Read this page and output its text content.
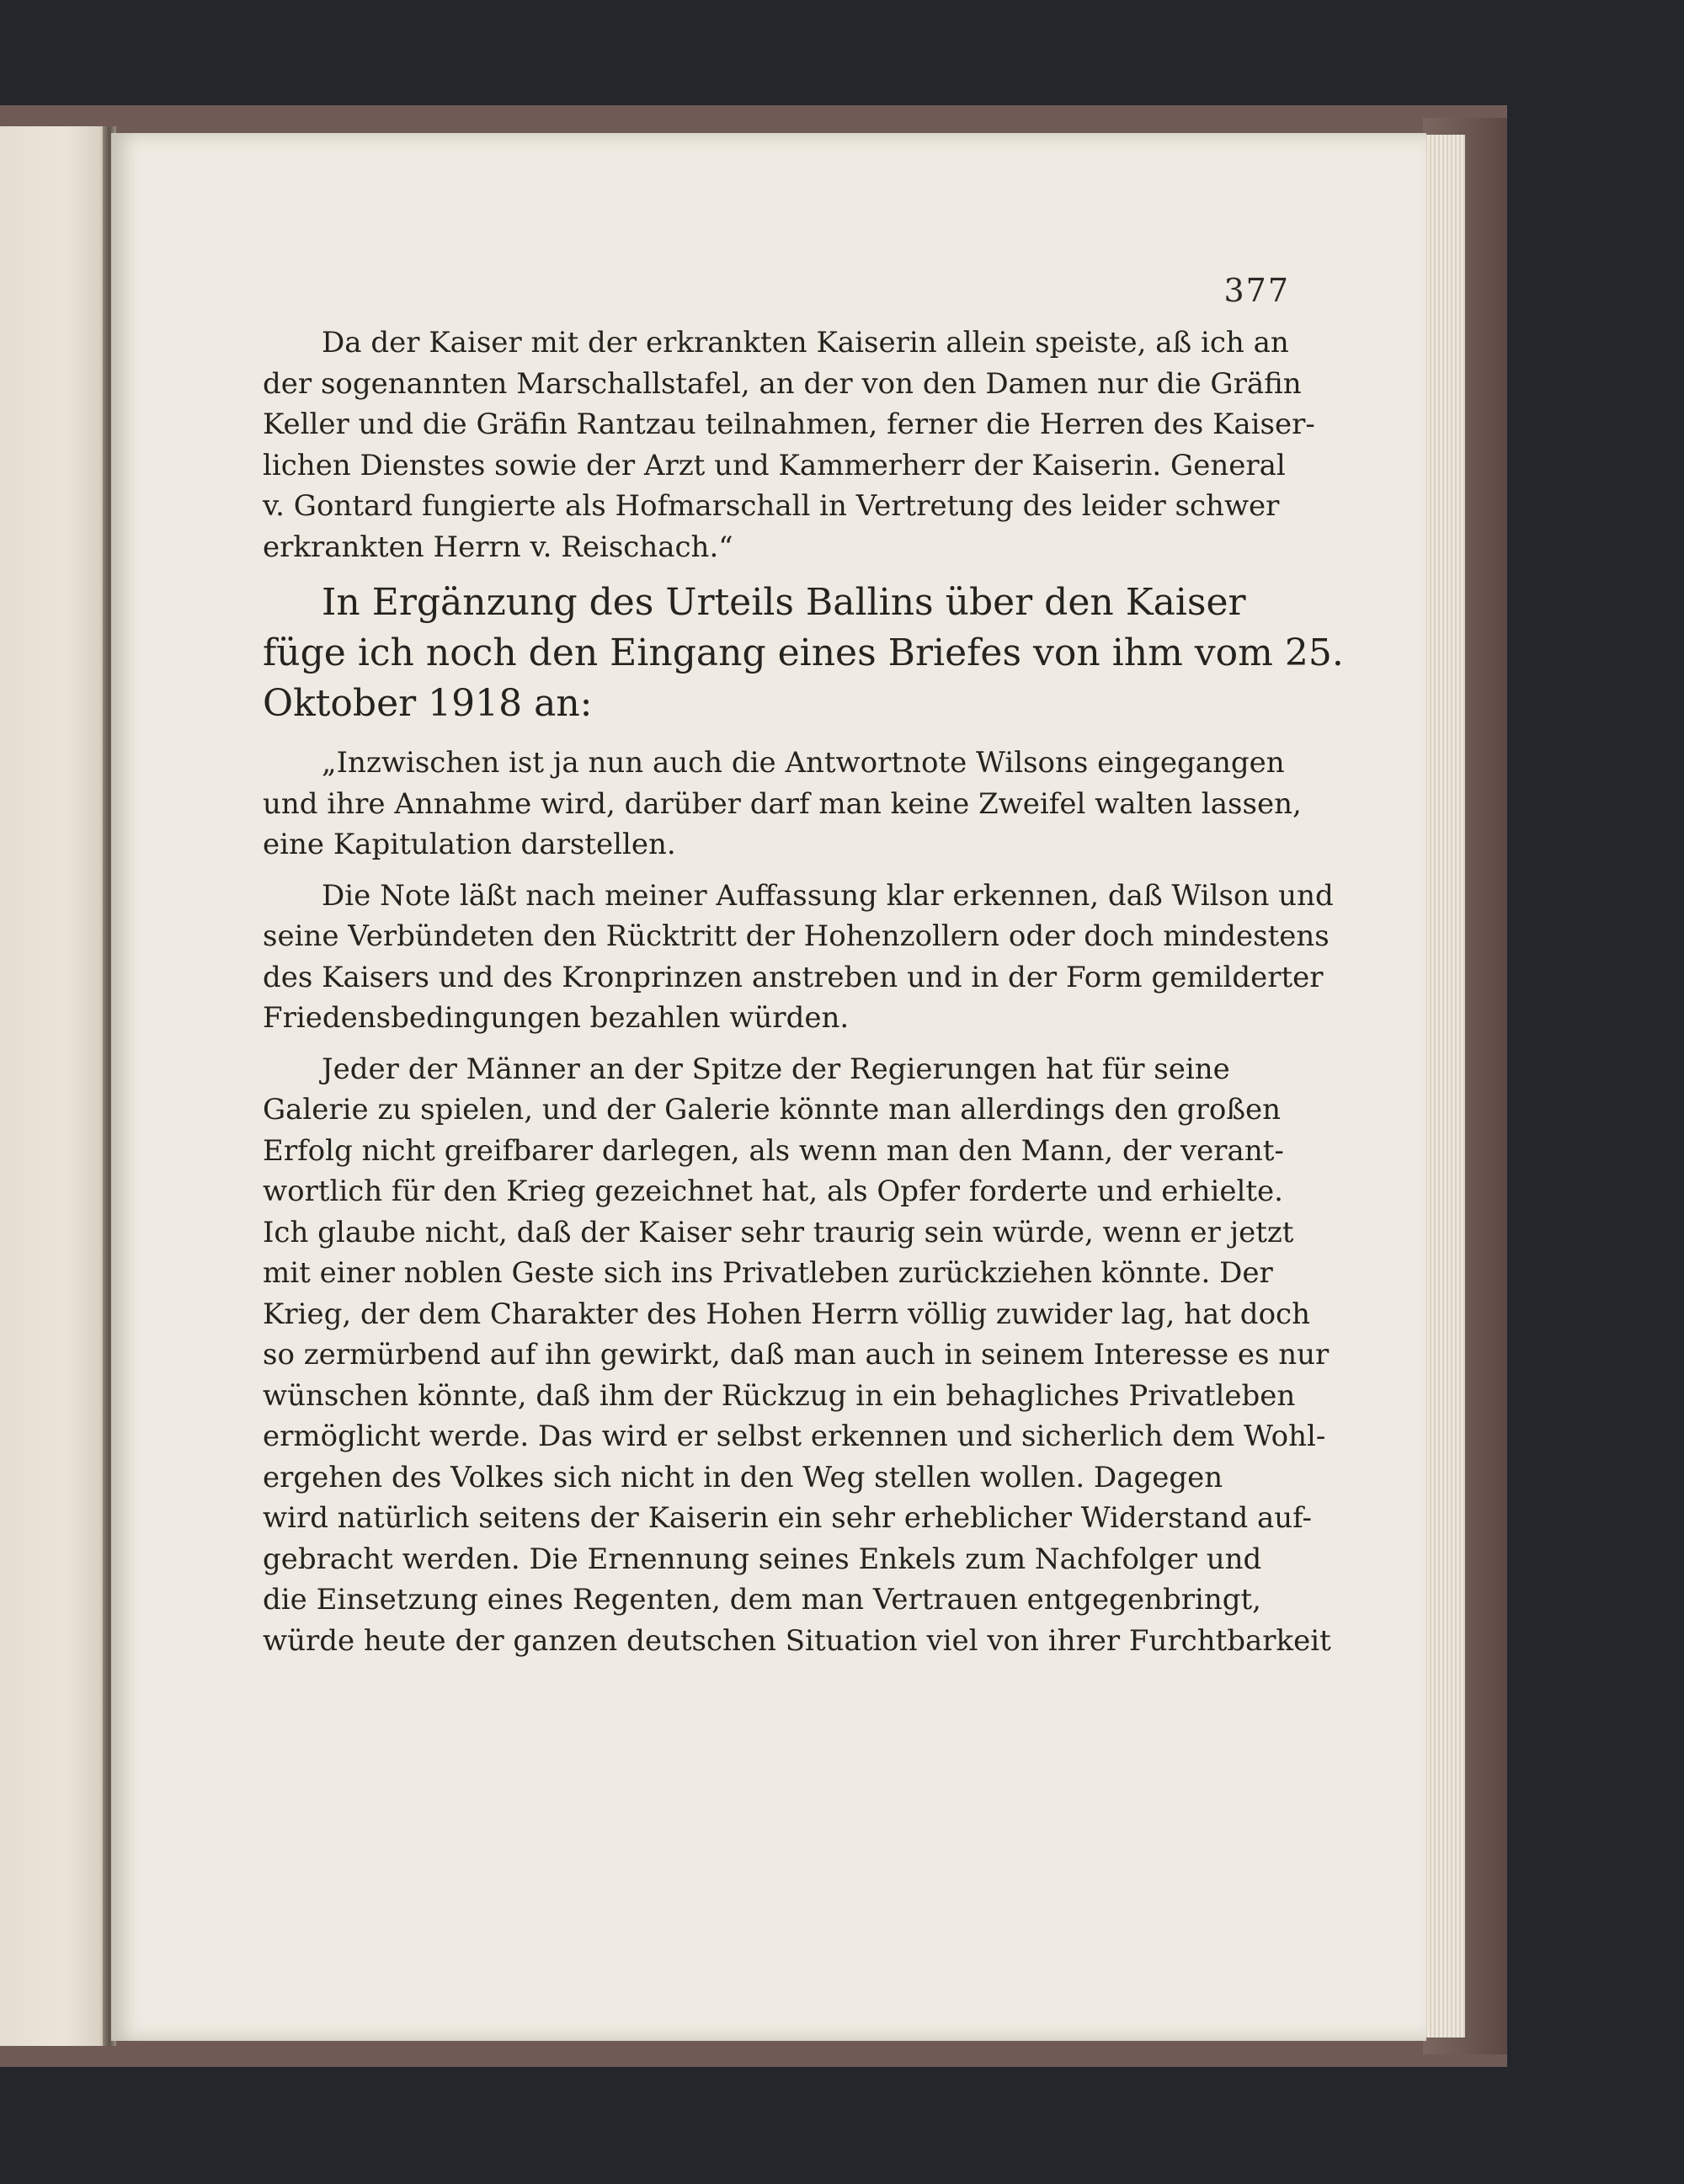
377
Da der Kaiser mit der erkrankten Kaiserin allein speiste, aß ich an
der sogenannten Marschallstafel, an der von den Damen nur die Gräfin
Keller und die Gräfin Rantzau teilnahmen, ferner die Herren des Kaiser-
lichen Dienstes sowie der Arzt und Kammerherr der Kaiserin. General
v. Gontard fungierte als Hofmarschall in Vertretung des leider schwer
erkrankten Herrn v. Reischach.“
In Ergänzung des Urteils Ballins über den Kaiser
füge ich noch den Eingang eines Briefes von ihm vom 25.
Oktober 1918 an:
„Inzwischen ist ja nun auch die Antwortnote Wilsons eingegangen
und ihre Annahme wird, darüber darf man keine Zweifel walten lassen,
eine Kapitulation darstellen.
Die Note läßt nach meiner Auffassung klar erkennen, daß Wilson und
seine Verbündeten den Rücktritt der Hohenzollern oder doch mindestens
des Kaisers und des Kronprinzen anstreben und in der Form gemilderter
Friedensbedingungen bezahlen würden.
Jeder der Männer an der Spitze der Regierungen hat für seine
Galerie zu spielen, und der Galerie könnte man allerdings den großen
Erfolg nicht greifbarer darlegen, als wenn man den Mann, der verant-
wortlich für den Krieg gezeichnet hat, als Opfer forderte und erhielte.
Ich glaube nicht, daß der Kaiser sehr traurig sein würde, wenn er jetzt
mit einer noblen Geste sich ins Privatleben zurückziehen könnte. Der
Krieg, der dem Charakter des Hohen Herrn völlig zuwider lag, hat doch
so zermürbend auf ihn gewirkt, daß man auch in seinem Interesse es nur
wünschen könnte, daß ihm der Rückzug in ein behagliches Privatleben
ermöglicht werde. Das wird er selbst erkennen und sicherlich dem Wohl-
ergehen des Volkes sich nicht in den Weg stellen wollen. Dagegen
wird natürlich seitens der Kaiserin ein sehr erheblicher Widerstand auf-
gebracht werden. Die Ernennung seines Enkels zum Nachfolger und
die Einsetzung eines Regenten, dem man Vertrauen entgegenbringt,
würde heute der ganzen deutschen Situation viel von ihrer Furchtbarkeit
